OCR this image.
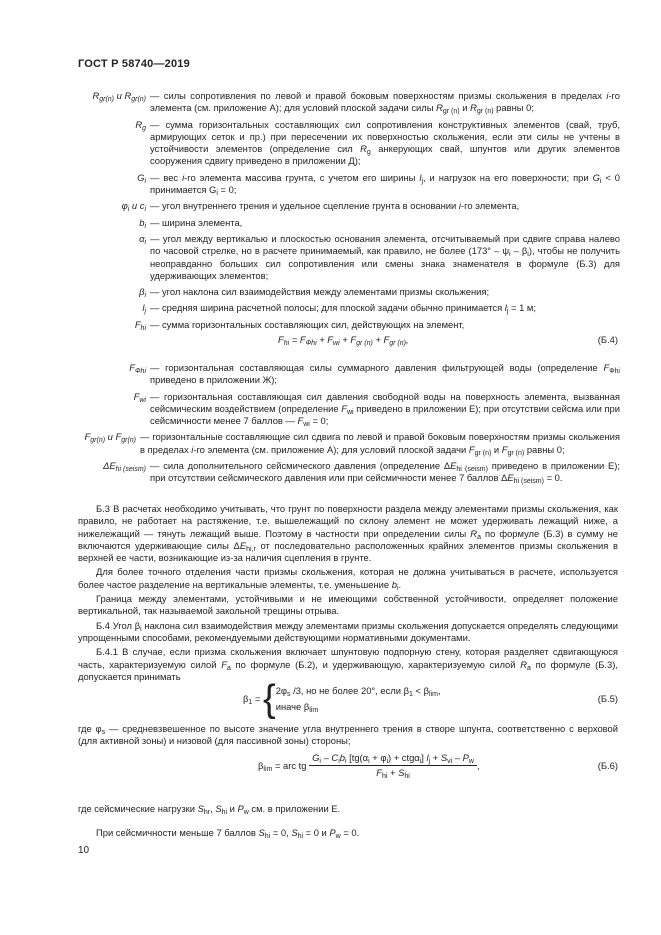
ГОСТ Р 58740—2019
$R_{gr(n)}$ и $R_{gr(n)}$ — силы сопротивления по левой и правой боковым поверхностям призмы скольжения в пределах i-го элемента (см. приложение А); для условий плоской задачи силы $R_{gr (n)}$ и $R_{gr (n)}$ равны 0;
$R_g$ — сумма горизонтальных составляющих сил сопротивления конструктивных элементов (свай, труб, армирующих сеток и пр.) при пересечении их поверхностью скольжения, если эти силы не учтены в устойчивости элементов (определение сил $R_g$ анкерующих свай, шпунтов или других элементов сооружения сдвигу приведено в приложении Д);
$G_i$ — вес i-го элемента массива грунта, с учетом его ширины $l_j$, и нагрузок на его поверхности; при $G_i < 0$ принимается $G_i = 0$;
$\varphi_i$ и $c_i$ — угол внутреннего трения и удельное сцепление грунта в основании i-го элемента,
$b_i$ — ширина элемента,
$\alpha_i$ — угол между вертикалью и плоскостью основания элемента, отсчитываемый при сдвиге справа налево по часовой стрелке, но в расчете принимаемый, как правило, не более $(173^\circ - \psi_i - \beta_i)$, чтобы не получить неоправданно больших сил сопротивления или смены знака знаменателя в формуле (Б.3) для удерживающих элементов;
$\beta_i$ — угол наклона сил взаимодействия между элементами призмы скольжения;
$l_j$ — средняя ширина расчетной полосы; для плоской задачи обычно принимается $l_j = 1$ м;
$F_{hi}$ — сумма горизонтальных составляющих сил, действующих на элемент,
$F_{hi} = F_{Фhi} + F_{wi} + F_{gr (n)} + F_{gr (n)}$,	(Б.4)
$F_{Фhi}$ — горизонтальная составляющая силы суммарного давления фильтрующей воды (определение $F_{Фhi}$ приведено в приложении Ж);
$F_{wi}$ — горизонтальная составляющая сил давления свободной воды на поверхность элемента, вызванная сейсмическим воздействием (определение $F_{wi}$ приведено в приложении Е); при отсутствии сейсма или при сейсмичности менее 7 баллов — $F_{wi} = 0$;
$F_{gr(n)}$ и $F_{gr(n)}$ — горизонтальные составляющие сил сдвига по левой и правой боковым поверхностям призмы скольжения в пределах i-го элемента (см. приложение А); для условий плоской задачи $F_{gr (n)}$ и $F_{gr (n)}$ равны 0;
$\Delta E_{hi (seism)}$ — сила дополнительного сейсмического давления (определение $\Delta E_{hi (seism)}$ приведено в приложении Е); при отсутствии сейсмического давления или при сейсмичности менее 7 баллов $\Delta E_{hi (seism)} = 0$.
Б.3 В расчетах необходимо учитывать, что грунт по поверхности раздела между элементами призмы скольжения, как правило, не работает на растяжение, т.е. вышележащий по склону элемент не может удерживать лежащий ниже, а нижележащий — тянуть лежащий выше. Поэтому в частности при определении силы $R_a$ по формуле (Б.3) в сумму не включаются удерживающие силы $\Delta E_{hi,r}$ от последовательно расположенных крайних элементов призмы скольжения в верхней ее части, возникающие из-за наличия сцепления в грунте.
Для более точного отделения части призмы скольжения, которая не должна учитываться в расчете, используется более частое разделение на вертикальные элементы, т.е. уменьшение $b_i$.
Граница между элементами, устойчивыми и не имеющими собственной устойчивости, определяет положение вертикальной, так называемой закольной трещины отрыва.
Б.4 Угол $\beta_i$ наклона сил взаимодействия между элементами призмы скольжения допускается определять следующими упрощенными способами, рекомендуемыми действующими нормативными документами.
Б.4.1 В случае, если призма скольжения включает шпунтовую подпорную стену, которая разделяет сдвигающуюся часть, характеризуемую силой $F_a$ по формуле (Б.2), и удерживающую, характеризуемую силой $R_a$ по формуле (Б.3), допускается принимать
$\beta_1$ = { $2\varphi_s$ /3, но не более 20°, если $\beta_1 < \beta_{lim}$,
иначе $\beta_{lim}$
(Б.5)
где $\varphi_s$ — средневзвешенное по высоте значение угла внутреннего трения в створе шпунта, соответственно с верховой (для активной зоны) и низовой (для пассивной зоны) стороны;
$\beta_{lim}$ = arc tg $\frac{G_i - C_ib_i [tg(\alpha_i + \varphi_i) + ctg\alpha_i] l_j + S_{vi} - P_w}{F_{hi} + S_{hi}}$ ,	(Б.6)
где сейсмические нагрузки $S_{hr}$, $S_{hi}$ и $P_w$ см. в приложении Е.
При сейсмичности меньше 7 баллов $S_{hi} = 0$, $S_{hi} = 0$ и $P_w = 0$.
10
